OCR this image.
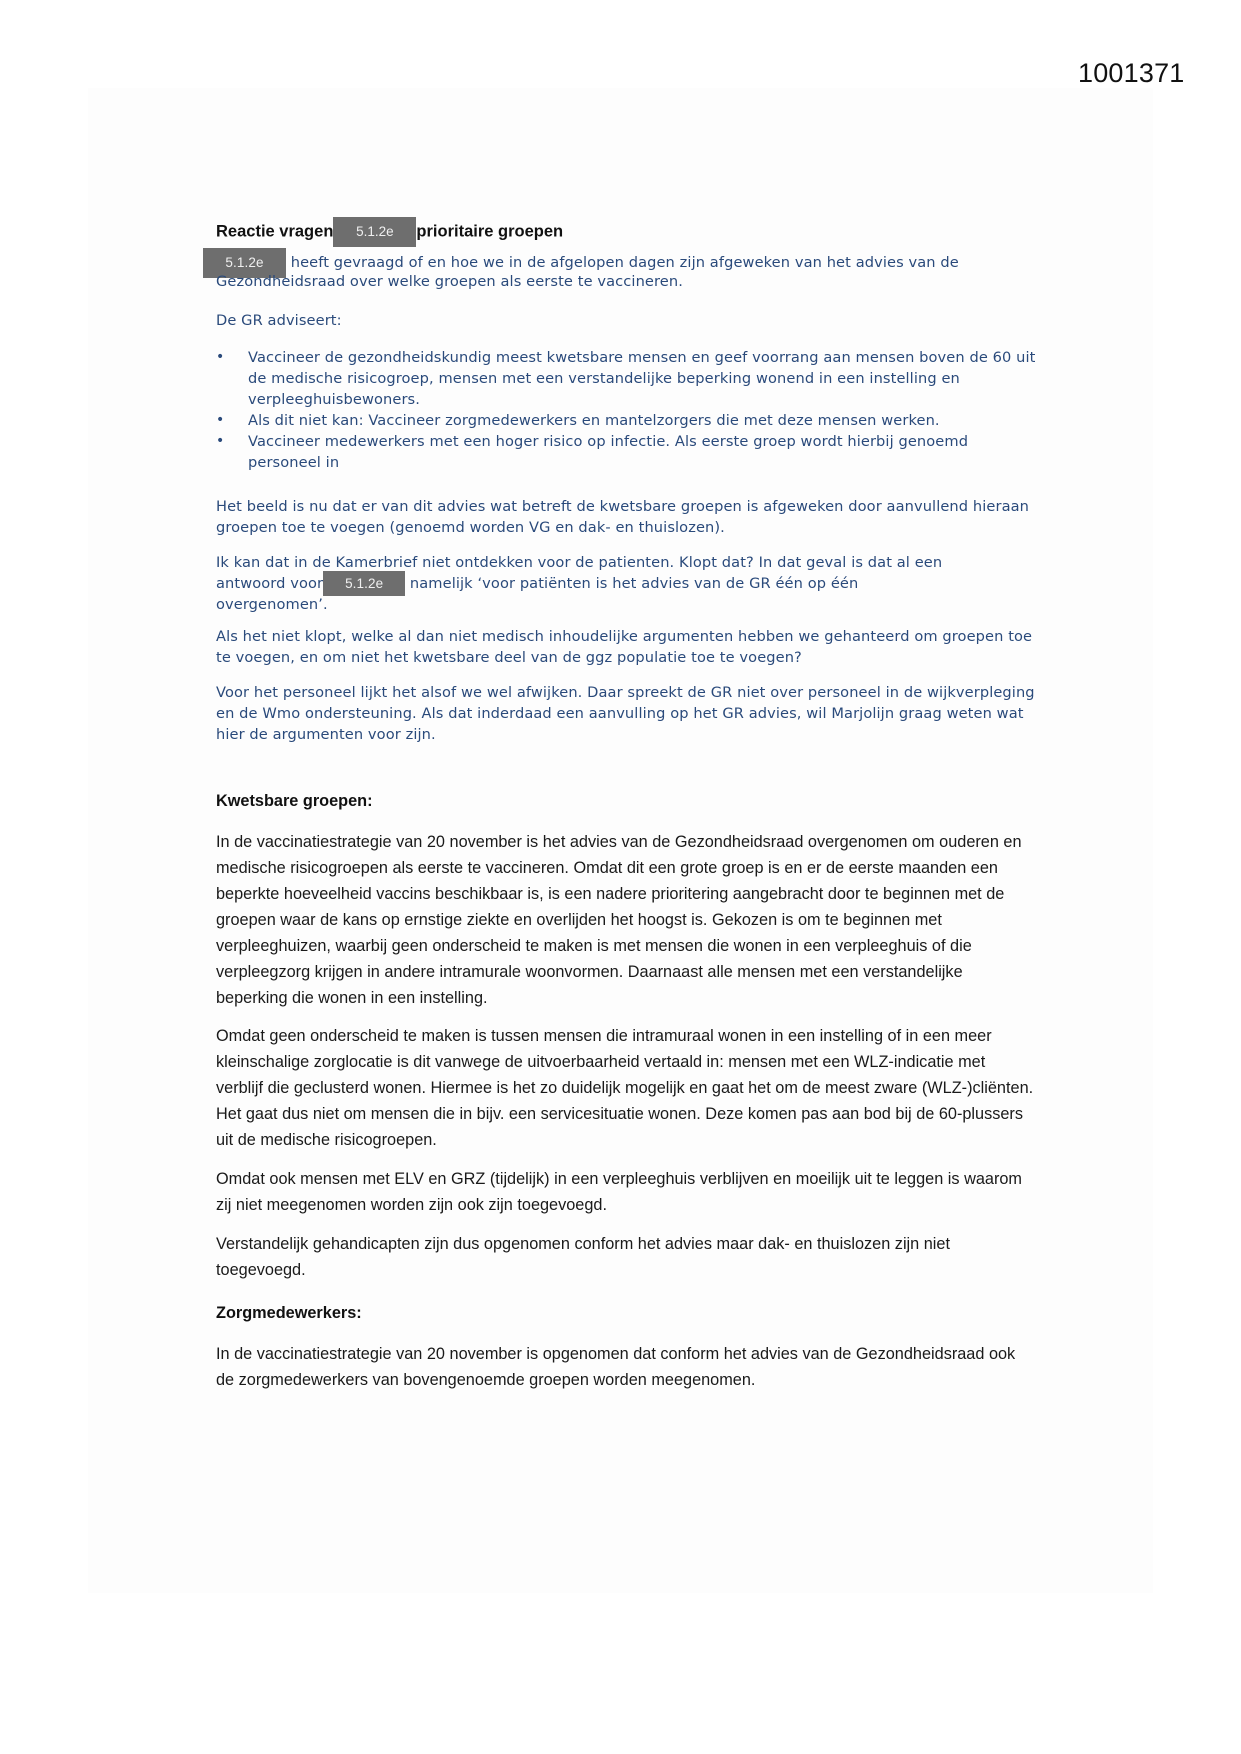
1001371
Reactie vragen 5.1.2e prioritaire groepen
5.1.2e heeft gevraagd of en hoe we in de afgelopen dagen zijn afgeweken van het advies van de
Gezondheidsraad over welke groepen als eerste te vaccineren.

De GR adviseert:

• Vaccineer de gezondheidskundig meest kwetsbare mensen en geef voorrang aan mensen boven de 60 uit de medische risicogroep, mensen met een verstandelijke beperking wonend in een instelling en verpleeghuisbewoners.
• Als dit niet kan: Vaccineer zorgmedewerkers en mantelzorgers die met deze mensen werken.
• Vaccineer medewerkers met een hoger risico op infectie. Als eerste groep wordt hierbij genoemd personeel in

Het beeld is nu dat er van dit advies wat betreft de kwetsbare groepen is afgeweken door aanvullend hieraan groepen toe te voegen (genoemd worden VG en dak- en thuislozen).

Ik kan dat in de Kamerbrief niet ontdekken voor de patienten. Klopt dat? In dat geval is dat al een
antwoord voor 5.1.2e namelijk ‘voor patiënten is het advies van de GR één op één
overgenomen’.

Als het niet klopt, welke al dan niet medisch inhoudelijke argumenten hebben we gehanteerd om groepen toe te voegen, en om niet het kwetsbare deel van de ggz populatie toe te voegen?

Voor het personeel lijkt het alsof we wel afwijken. Daar spreekt de GR niet over personeel in de wijkverpleging en de Wmo ondersteuning. Als dat inderdaad een aanvulling op het GR advies, wil Marjolijn graag weten wat hier de argumenten voor zijn.

Kwetsbare groepen:

In de vaccinatiestrategie van 20 november is het advies van de Gezondheidsraad overgenomen om ouderen en medische risicogroepen als eerste te vaccineren. Omdat dit een grote groep is en er de eerste maanden een beperkte hoeveelheid vaccins beschikbaar is, is een nadere prioritering aangebracht door te beginnen met de groepen waar de kans op ernstige ziekte en overlijden het hoogst is. Gekozen is om te beginnen met verpleeghuizen, waarbij geen onderscheid te maken is met mensen die wonen in een verpleeghuis of die verpleegzorg krijgen in andere intramurale woonvormen. Daarnaast alle mensen met een verstandelijke beperking die wonen in een instelling.

Omdat geen onderscheid te maken is tussen mensen die intramuraal wonen in een instelling of in een meer kleinschalige zorglocatie is dit vanwege de uitvoerbaarheid vertaald in: mensen met een WLZ-indicatie met verblijf die geclusterd wonen. Hiermee is het zo duidelijk mogelijk en gaat het om de meest zware (WLZ-)cliënten. Het gaat dus niet om mensen die in bijv. een servicesituatie wonen. Deze komen pas aan bod bij de 60-plussers uit de medische risicogroepen.

Omdat ook mensen met ELV en GRZ (tijdelijk) in een verpleeghuis verblijven en moeilijk uit te leggen is waarom zij niet meegenomen worden zijn ook zijn toegevoegd.

Verstandelijk gehandicapten zijn dus opgenomen conform het advies maar dak- en thuislozen zijn niet toegevoegd.

Zorgmedewerkers:

In de vaccinatiestrategie van 20 november is opgenomen dat conform het advies van de Gezondheidsraad ook de zorgmedewerkers van bovengenoemde groepen worden meegenomen.
